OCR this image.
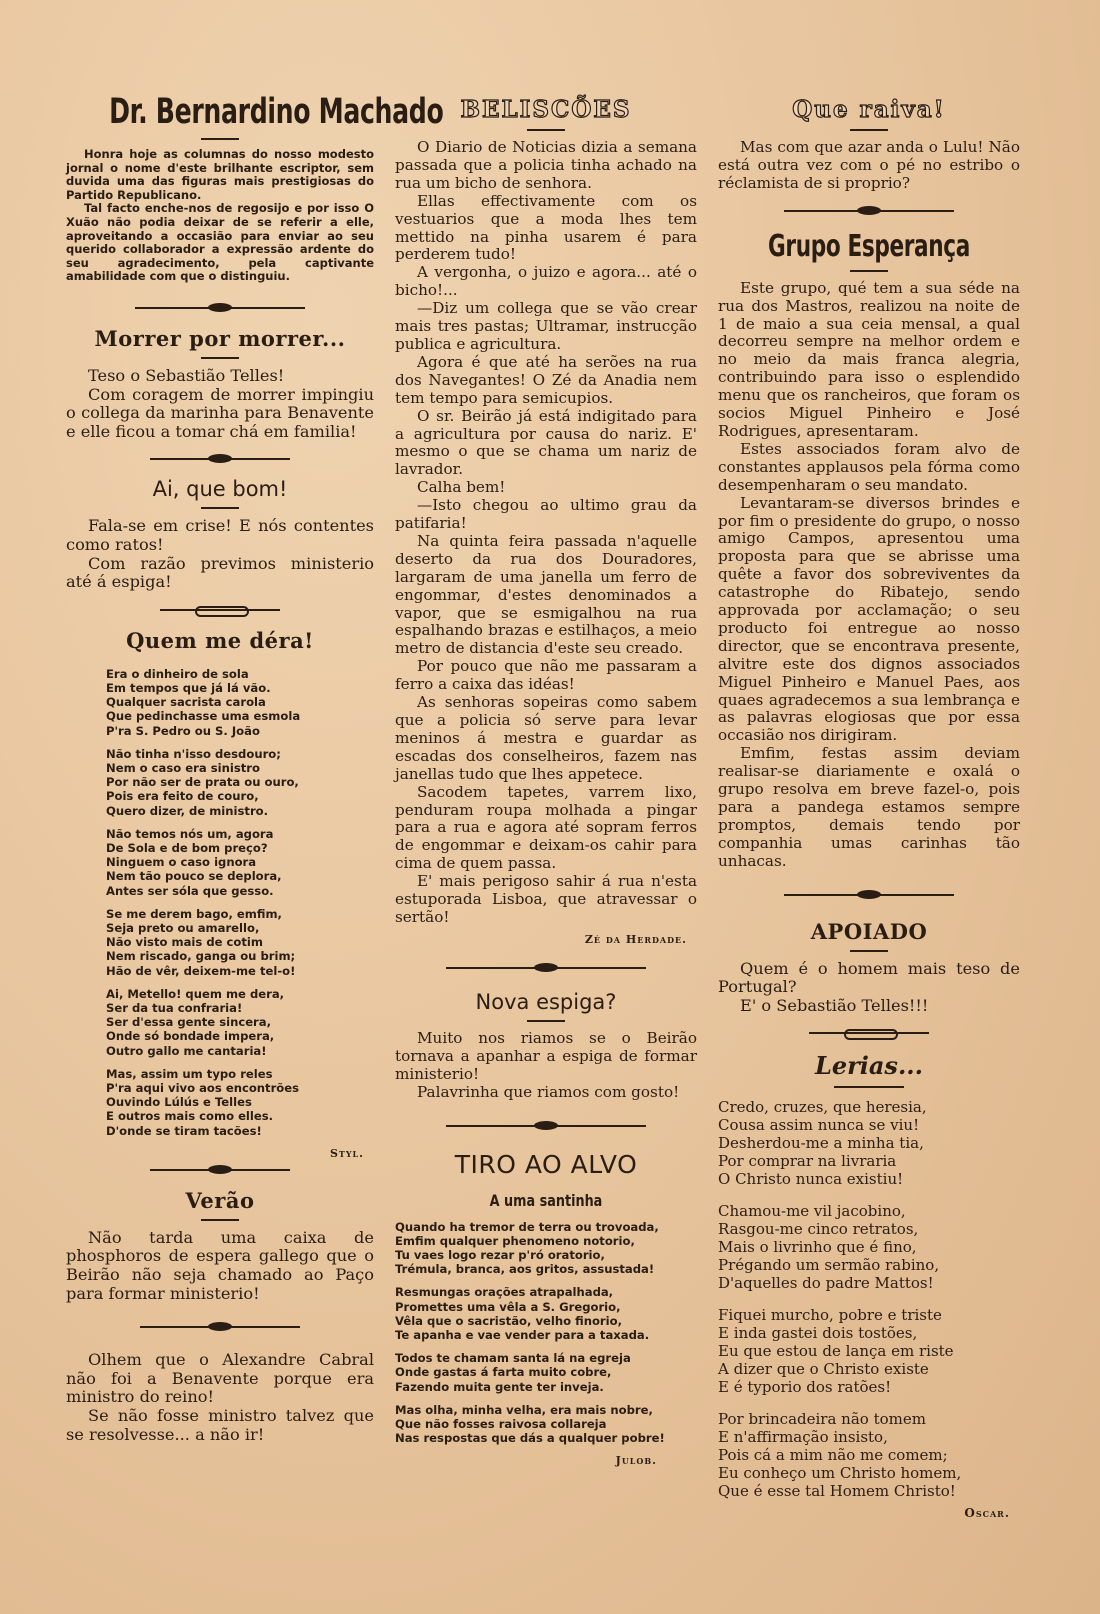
Dr. Bernardino Machado

Honra hoje as columnas do nosso modesto jornal o nome d'este brilhante escriptor, sem duvida uma das figuras mais prestigiosas do Partido Republicano.

Tal facto enche-nos de regosijo e por isso O Xuão não podia deixar de se referir a elle, aproveitando a occasião para enviar ao seu querido collaborador a expressão ardente do seu agradecimento, pela captivante amabilidade com que o distinguiu.

Morrer por morrer...

Teso o Sebastião Telles!

Com coragem de morrer impingiu o collega da marinha para Benavente e elle ficou a tomar chá em familia!

Ai, que bom!

Fala-se em crise! E nós contentes como ratos!

Com razão previmos ministerio até á espiga!

Quem me déra!
Era o dinheiro de sola
Em tempos que já lá vão.
Qualquer sacrista carola
Que pedinchasse uma esmola
P'ra S. Pedro ou S. João
Não tinha n'isso desdouro;
Nem o caso era sinistro
Por não ser de prata ou ouro,
Pois era feito de couro,
Quero dizer, de ministro.
Não temos nós um, agora
De Sola e de bom preço?
Ninguem o caso ignora
Nem tão pouco se deplora,
Antes ser sóla que gesso.
Se me derem bago, emfim,
Seja preto ou amarello,
Não visto mais de cotim
Nem riscado, ganga ou brim;
Hão de vêr, deixem-me tel-o!
Ai, Metello! quem me dera,
Ser da tua confraria!
Ser d'essa gente sincera,
Onde só bondade impera,
Outro gallo me cantaria!
Mas, assim um typo reles
P'ra aqui vivo aos encontrões
Ouvindo Lúlús e Telles
E outros mais como elles.
D'onde se tiram tacões!
Styl.
Verão

Não tarda uma caixa de phosphoros de espera gallego que o Beirão não seja chamado ao Paço para formar ministerio!

Olhem que o Alexandre Cabral não foi a Benavente porque era ministro do reino!

Se não fosse ministro talvez que se resolvesse... a não ir!

BELISCÕES

O Diario de Noticias dizia a semana passada que a policia tinha achado na rua um bicho de senhora.

Ellas effectivamente com os vestuarios que a moda lhes tem mettido na pinha usarem é para perderem tudo!

A vergonha, o juizo e agora... até o bicho!...

—Diz um collega que se vão crear mais tres pastas; Ultramar, instrucção publica e agricultura.

Agora é que até ha serões na rua dos Navegantes! O Zé da Anadia nem tem tempo para semicupios.

O sr. Beirão já está indigitado para a agricultura por causa do nariz. E' mesmo o que se chama um nariz de lavrador.

Calha bem!

—Isto chegou ao ultimo grau da patifaria!

Na quinta feira passada n'aquelle deserto da rua dos Douradores, largaram de uma janella um ferro de engommar, d'estes denominados a vapor, que se esmigalhou na rua espalhando brazas e estilhaços, a meio metro de distancia d'este seu creado.

Por pouco que não me passaram a ferro a caixa das idéas!

As senhoras sopeiras como sabem que a policia só serve para levar meninos á mestra e guardar as escadas dos conselheiros, fazem nas janellas tudo que lhes appetece.

Sacodem tapetes, varrem lixo, penduram roupa molhada a pingar para a rua e agora até sopram ferros de engommar e deixam-os cahir para cima de quem passa.

E' mais perigoso sahir á rua n'esta estuporada Lisboa, que atravessar o sertão!

Zé da Herdade.
Nova espiga?

Muito nos riamos se o Beirão tornava a apanhar a espiga de formar ministerio!

Palavrinha que riamos com gosto!

TIRO AO ALVO
A uma santinha
Quando ha tremor de terra ou trovoada,
Emfim qualquer phenomeno notorio,
Tu vaes logo rezar p'ró oratorio,
Trémula, branca, aos gritos, assustada!
Resmungas orações atrapalhada,
Promettes uma vêla a S. Gregorio,
Vêla que o sacristão, velho finorio,
Te apanha e vae vender para a taxada.
Todos te chamam santa lá na egreja
Onde gastas á farta muito cobre,
Fazendo muita gente ter inveja.
Mas olha, minha velha, era mais nobre,
Que não fosses raivosa collareja
Nas respostas que dás a qualquer pobre!
Julob.
Que raiva!

Mas com que azar anda o Lulu! Não está outra vez com o pé no estribo o réclamista de si proprio?

Grupo Esperança

Este grupo, qué tem a sua séde na rua dos Mastros, realizou na noite de 1 de maio a sua ceia mensal, a qual decorreu sempre na melhor ordem e no meio da mais franca alegria, contribuindo para isso o esplendido menu que os rancheiros, que foram os socios Miguel Pinheiro e José Rodrigues, apresentaram.

Estes associados foram alvo de constantes applausos pela fórma como desempenharam o seu mandato.

Levantaram-se diversos brindes e por fim o presidente do grupo, o nosso amigo Campos, apresentou uma proposta para que se abrisse uma quête a favor dos sobreviventes da catastrophe do Ribatejo, sendo approvada por acclamação; o seu producto foi entregue ao nosso director, que se encontrava presente, alvitre este dos dignos associados Miguel Pinheiro e Manuel Paes, aos quaes agradecemos a sua lembrança e as palavras elogiosas que por essa occasião nos dirigiram.

Emfim, festas assim deviam realisar-se diariamente e oxalá o grupo resolva em breve fazel-o, pois para a pandega estamos sempre promptos, demais tendo por companhia umas carinhas tão unhacas.

APOIADO

Quem é o homem mais teso de Portugal?

E' o Sebastião Telles!!!

Lerias...
Credo, cruzes, que heresia,
Cousa assim nunca se viu!
Desherdou-me a minha tia,
Por comprar na livraria
O Christo nunca existiu!
Chamou-me vil jacobino,
Rasgou-me cinco retratos,
Mais o livrinho que é fino,
Prégando um sermão rabino,
D'aquelles do padre Mattos!
Fiquei murcho, pobre e triste
E inda gastei dois tostões,
Eu que estou de lança em riste
A dizer que o Christo existe
E é typorio dos ratões!
Por brincadeira não tomem
E n'affirmação insisto,
Pois cá a mim não me comem;
Eu conheço um Christo homem,
Que é esse tal Homem Christo!
Oscar.
